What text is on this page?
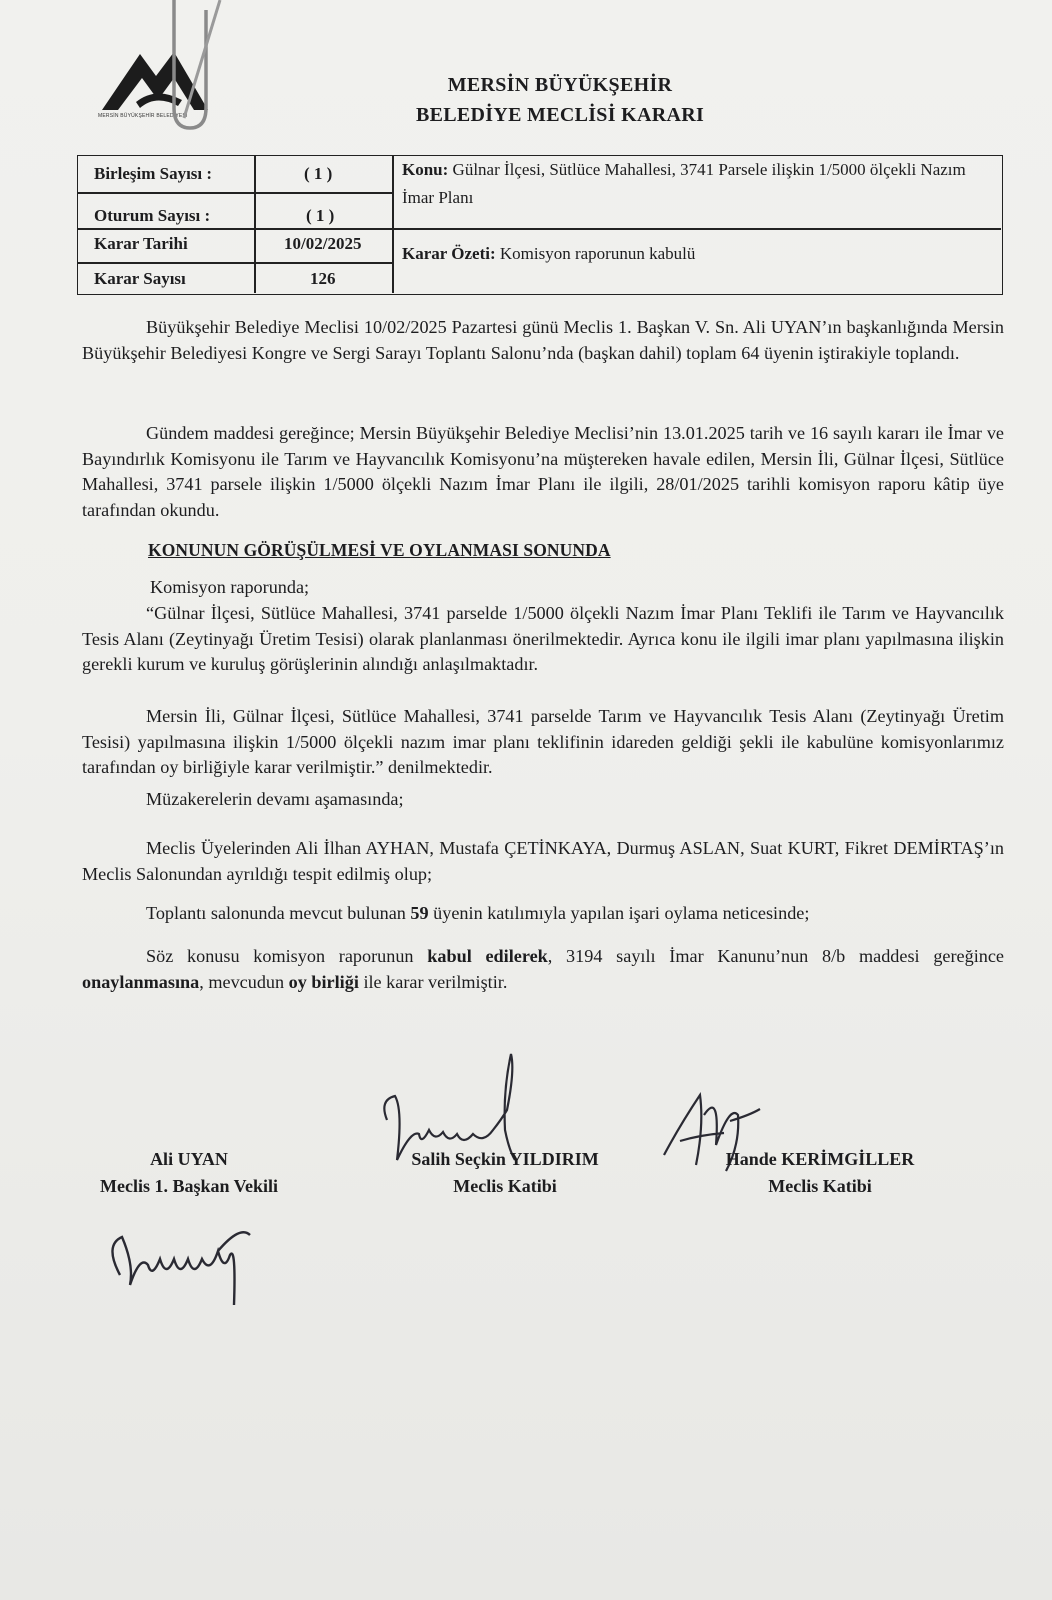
MERSİN BÜYÜKŞEHİR BELEDİYESİ
MERSİN BÜYÜKŞEHİR
BELEDİYE MECLİSİ KARARI
Birleşim Sayısı :	( 1 )
Oturum Sayısı :	( 1 )
Karar Tarihi	10/02/2025
Karar Sayısı	126
Konu: Gülnar İlçesi, Sütlüce Mahallesi, 3741 Parsele ilişkin 1/5000 ölçekli Nazım İmar Planı
Karar Özeti: Komisyon raporunun kabulü
Büyükşehir Belediye Meclisi 10/02/2025 Pazartesi günü Meclis 1. Başkan V. Sn. Ali UYAN’ın başkanlığında Mersin Büyükşehir Belediyesi Kongre ve Sergi Sarayı Toplantı Salonu’nda (başkan dahil) toplam 64 üyenin iştirakiyle toplandı.
Gündem maddesi gereğince; Mersin Büyükşehir Belediye Meclisi’nin 13.01.2025 tarih ve 16 sayılı kararı ile İmar ve Bayındırlık Komisyonu ile Tarım ve Hayvancılık Komisyonu’na müştereken havale edilen, Mersin İli, Gülnar İlçesi, Sütlüce Mahallesi, 3741 parsele ilişkin 1/5000 ölçekli Nazım İmar Planı ile ilgili, 28/01/2025 tarihli komisyon raporu kâtip üye tarafından okundu.
KONUNUN GÖRÜŞÜLMESİ VE OYLANMASI SONUNDA
Komisyon raporunda;
“Gülnar İlçesi, Sütlüce Mahallesi, 3741 parselde 1/5000 ölçekli Nazım İmar Planı Teklifi ile Tarım ve Hayvancılık Tesis Alanı (Zeytinyağı Üretim Tesisi) olarak planlanması önerilmektedir. Ayrıca konu ile ilgili imar planı yapılmasına ilişkin gerekli kurum ve kuruluş görüşlerinin alındığı anlaşılmaktadır.
Mersin İli, Gülnar İlçesi, Sütlüce Mahallesi, 3741 parselde Tarım ve Hayvancılık Tesis Alanı (Zeytinyağı Üretim Tesisi) yapılmasına ilişkin 1/5000 ölçekli nazım imar planı teklifinin idareden geldiği şekli ile kabulüne komisyonlarımız tarafından oy birliğiyle karar verilmiştir.” denilmektedir.
Müzakerelerin devamı aşamasında;
Meclis Üyelerinden Ali İlhan AYHAN, Mustafa ÇETİNKAYA, Durmuş ASLAN, Suat KURT, Fikret DEMİRTAŞ’ın Meclis Salonundan ayrıldığı tespit edilmiş olup;
Toplantı salonunda mevcut bulunan 59 üyenin katılımıyla yapılan işari oylama neticesinde;
Söz konusu komisyon raporunun kabul edilerek, 3194 sayılı İmar Kanunu’nun 8/b maddesi gereğince onaylanmasına, mevcudun oy birliği ile karar verilmiştir.
Ali UYAN
Meclis 1. Başkan Vekili
Salih Seçkin YILDIRIM
Meclis Katibi
Hande KERİMGİLLER
Meclis Katibi
